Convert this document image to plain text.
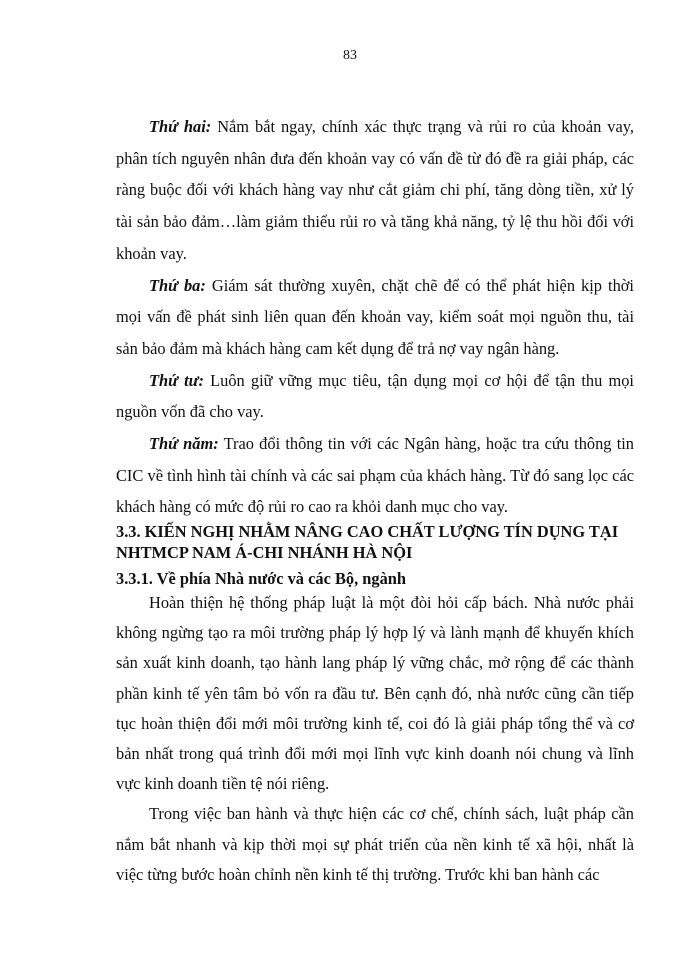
83

Thứ hai: Nắm bắt ngay, chính xác thực trạng và rủi ro của khoản vay, phân tích nguyên nhân đưa đến khoản vay có vấn đề từ đó đề ra giải pháp, các ràng buộc đối với khách hàng vay như cắt giảm chi phí, tăng dòng tiền, xử lý tài sản bảo đảm…làm giảm thiểu rủi ro và tăng khả năng, tỷ lệ thu hồi đối với khoản vay.

Thứ ba: Giám sát thường xuyên, chặt chẽ để có thể phát hiện kịp thời mọi vấn đề phát sinh liên quan đến khoản vay, kiểm soát mọi nguồn thu, tài sản bảo đảm mà khách hàng cam kết dụng để trả nợ vay ngân hàng.

Thứ tư: Luôn giữ vững mục tiêu, tận dụng mọi cơ hội để tận thu mọi nguồn vốn đã cho vay.

Thứ năm: Trao đổi thông tin với các Ngân hàng, hoặc tra cứu thông tin CIC về tình hình tài chính và các sai phạm của khách hàng. Từ đó sang lọc các khách hàng có mức độ rủi ro cao ra khỏi danh mục cho vay.

3.3. KIẾN NGHỊ NHẰM NÂNG CAO CHẤT LƯỢNG TÍN DỤNG TẠI NHTMCP NAM Á-CHI NHÁNH HÀ NỘI
3.3.1. Về phía Nhà nước và các Bộ, ngành

Hoàn thiện hệ thống pháp luật là một đòi hỏi cấp bách. Nhà nước phải không ngừng tạo ra môi trường pháp lý hợp lý và lành mạnh để khuyến khích sản xuất kinh doanh, tạo hành lang pháp lý vững chắc, mở rộng để các thành phần kinh tế yên tâm bỏ vốn ra đầu tư. Bên cạnh đó, nhà nước cũng cần tiếp tục hoàn thiện đổi mới môi trường kinh tế, coi đó là giải pháp tổng thể và cơ bản nhất trong quá trình đổi mới mọi lĩnh vực kinh doanh nói chung và lĩnh vực kinh doanh tiền tệ nói riêng.

Trong việc ban hành và thực hiện các cơ chế, chính sách, luật pháp cần nắm bắt nhanh và kịp thời mọi sự phát triển của nền kinh tế xã hội, nhất là việc từng bước hoàn chỉnh nền kinh tế thị trường. Trước khi ban hành các
